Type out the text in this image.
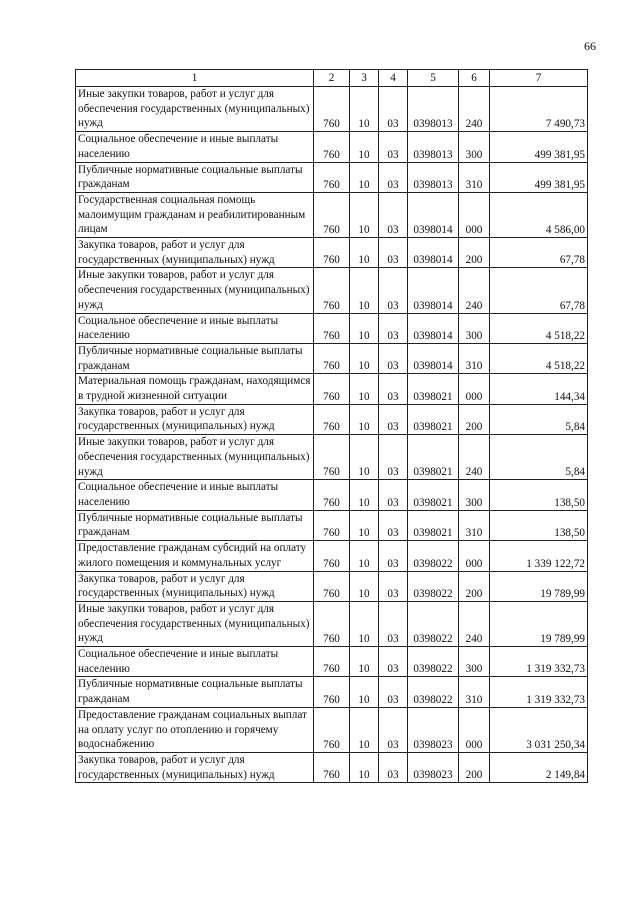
66
1	2	3	4	5	6	7
Иные закупки товаров, работ и услуг для обеспечения государственных (муниципальных) нужд	760	10	03	0398013	240	7 490,73
Социальное обеспечение и иные выплаты населению	760	10	03	0398013	300	499 381,95
Публичные нормативные социальные выплаты гражданам	760	10	03	0398013	310	499 381,95
Государственная социальная помощь малоимущим гражданам и реабилитированным лицам	760	10	03	0398014	000	4 586,00
Закупка товаров, работ и услуг для государственных (муниципальных) нужд	760	10	03	0398014	200	67,78
Иные закупки товаров, работ и услуг для обеспечения государственных (муниципальных) нужд	760	10	03	0398014	240	67,78
Социальное обеспечение и иные выплаты населению	760	10	03	0398014	300	4 518,22
Публичные нормативные социальные выплаты гражданам	760	10	03	0398014	310	4 518,22
Материальная помощь гражданам, находящимся в трудной жизненной ситуации	760	10	03	0398021	000	144,34
Закупка товаров, работ и услуг для государственных (муниципальных) нужд	760	10	03	0398021	200	5,84
Иные закупки товаров, работ и услуг для обеспечения государственных (муниципальных) нужд	760	10	03	0398021	240	5,84
Социальное обеспечение и иные выплаты населению	760	10	03	0398021	300	138,50
Публичные нормативные социальные выплаты гражданам	760	10	03	0398021	310	138,50
Предоставление гражданам субсидий на оплату жилого помещения и коммунальных услуг	760	10	03	0398022	000	1 339 122,72
Закупка товаров, работ и услуг для государственных (муниципальных) нужд	760	10	03	0398022	200	19 789,99
Иные закупки товаров, работ и услуг для обеспечения государственных (муниципальных) нужд	760	10	03	0398022	240	19 789,99
Социальное обеспечение и иные выплаты населению	760	10	03	0398022	300	1 319 332,73
Публичные нормативные социальные выплаты гражданам	760	10	03	0398022	310	1 319 332,73
Предоставление гражданам социальных выплат на оплату услуг по отоплению и горячему водоснабжению	760	10	03	0398023	000	3 031 250,34
Закупка товаров, работ и услуг для государственных (муниципальных) нужд	760	10	03	0398023	200	2 149,84
